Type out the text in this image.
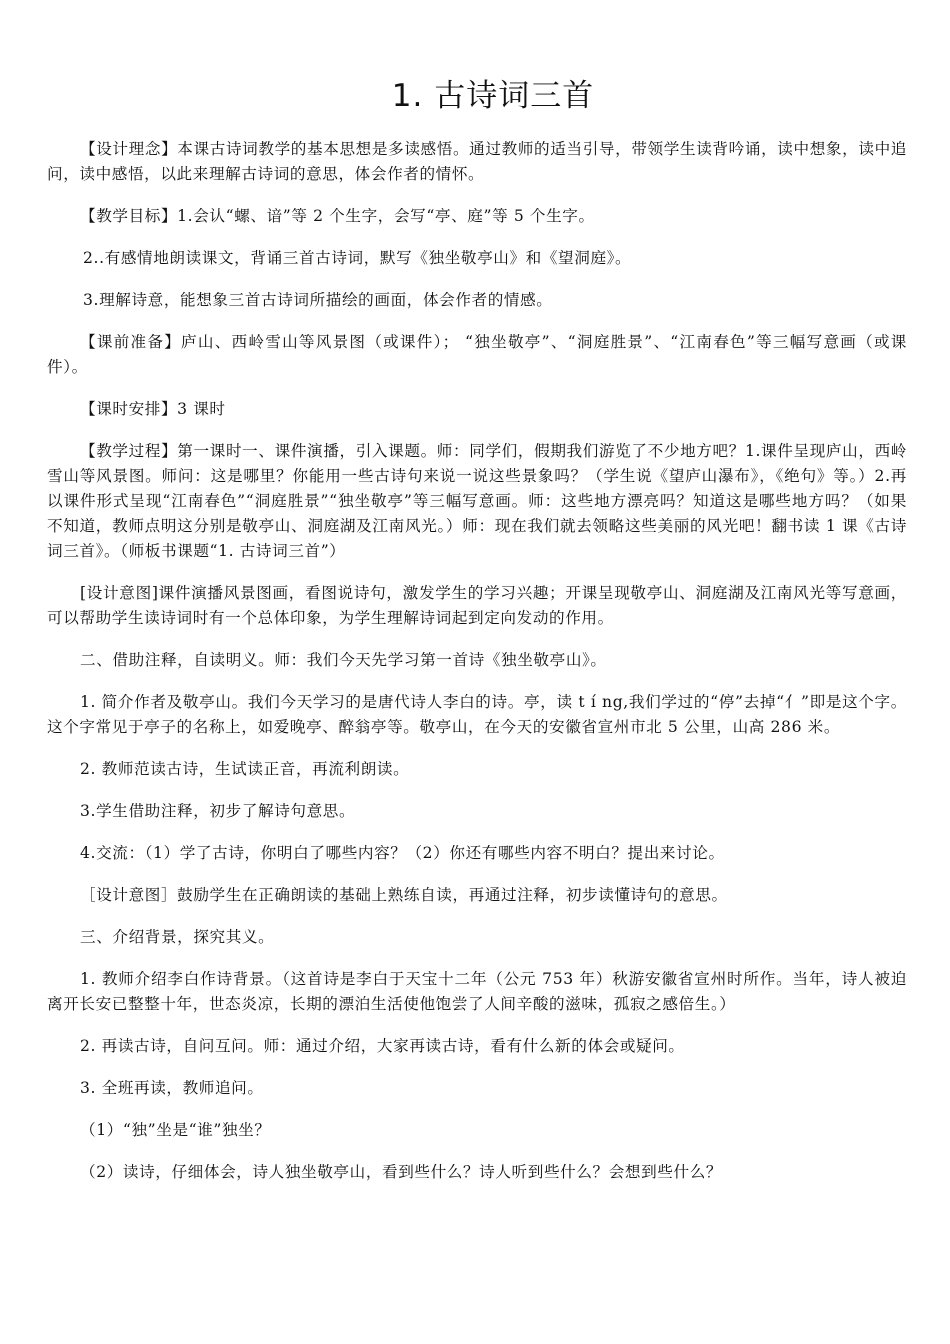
1. 古诗词三首

【设计理念】本课古诗词教学的基本思想是多读感悟。通过教师的适当引导，带领学生读背吟诵，读中想象，读中追问，读中感悟，以此来理解古诗词的意思，体会作者的情怀。

【教学目标】1.会认“螺、谙”等 2 个生字，会写“亭、庭”等 5 个生字。

2..有感情地朗读课文，背诵三首古诗词，默写《独坐敬亭山》和《望洞庭》。

3.理解诗意，能想象三首古诗词所描绘的画面，体会作者的情感。

【课前准备】庐山、西岭雪山等风景图（或课件）； “独坐敬亭”、“洞庭胜景”、“江南春色”等三幅写意画（或课件）。

【课时安排】3 课时

【教学过程】第一课时一、课件演播，引入课题。师：同学们，假期我们游览了不少地方吧？1.课件呈现庐山，西岭雪山等风景图。师问：这是哪里？你能用一些古诗句来说一说这些景象吗？（学生说《望庐山瀑布》，《绝句》等。）2.再以课件形式呈现“江南春色”“洞庭胜景”“独坐敬亭”等三幅写意画。师：这些地方漂亮吗？知道这是哪些地方吗？（如果不知道，教师点明这分别是敬亭山、洞庭湖及江南风光。）师：现在我们就去领略这些美丽的风光吧！翻书读 1 课《古诗词三首》。（师板书课题“1. 古诗词三首”）

[设计意图]课件演播风景图画，看图说诗句，激发学生的学习兴趣；开课呈现敬亭山、洞庭湖及江南风光等写意画，可以帮助学生读诗词时有一个总体印象，为学生理解诗词起到定向发动的作用。

二、借助注释，自读明义。师：我们今天先学习第一首诗《独坐敬亭山》。

1. 简介作者及敬亭山。我们今天学习的是唐代诗人李白的诗。亭，读 t í ng,我们学过的“停”去掉“亻”即是这个字。这个字常见于亭子的名称上，如爱晚亭、醉翁亭等。敬亭山，在今天的安徽省宣州市北 5 公里，山高 286 米。

2. 教师范读古诗，生试读正音，再流利朗读。

3.学生借助注释，初步了解诗句意思。

4.交流：（1）学了古诗，你明白了哪些内容？（2）你还有哪些内容不明白？提出来讨论。

［设计意图］鼓励学生在正确朗读的基础上熟练自读，再通过注释，初步读懂诗句的意思。

三、介绍背景，探究其义。

1. 教师介绍李白作诗背景。（这首诗是李白于天宝十二年（公元 753 年）秋游安徽省宣州时所作。当年，诗人被迫离开长安已整整十年，世态炎凉，长期的漂泊生活使他饱尝了人间辛酸的滋味，孤寂之感倍生。）

2. 再读古诗，自问互问。师：通过介绍，大家再读古诗，看有什么新的体会或疑问。

3. 全班再读，教师追问。

（1）“独”坐是“谁”独坐？

（2）读诗，仔细体会，诗人独坐敬亭山，看到些什么？诗人听到些什么？会想到些什么？
